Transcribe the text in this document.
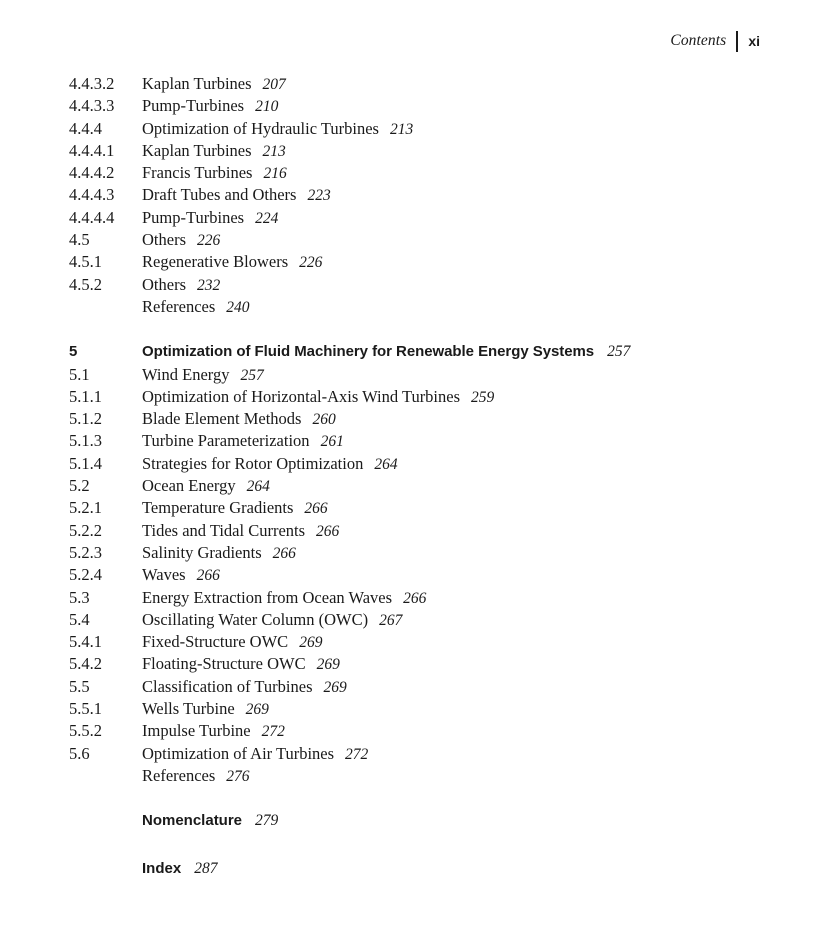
Contents xi
4.4.3.2	Kaplan Turbines 207
4.4.3.3	Pump-Turbines 210
4.4.4	Optimization of Hydraulic Turbines 213
4.4.4.1	Kaplan Turbines 213
4.4.4.2	Francis Turbines 216
4.4.4.3	Draft Tubes and Others 223
4.4.4.4	Pump-Turbines 224
4.5	Others 226
4.5.1	Regenerative Blowers 226
4.5.2	Others 232
References 240
5	Optimization of Fluid Machinery for Renewable Energy Systems 257
5.1	Wind Energy 257
5.1.1	Optimization of Horizontal-Axis Wind Turbines 259
5.1.2	Blade Element Methods 260
5.1.3	Turbine Parameterization 261
5.1.4	Strategies for Rotor Optimization 264
5.2	Ocean Energy 264
5.2.1	Temperature Gradients 266
5.2.2	Tides and Tidal Currents 266
5.2.3	Salinity Gradients 266
5.2.4	Waves 266
5.3	Energy Extraction from Ocean Waves 266
5.4	Oscillating Water Column (OWC) 267
5.4.1	Fixed-Structure OWC 269
5.4.2	Floating-Structure OWC 269
5.5	Classification of Turbines 269
5.5.1	Wells Turbine 269
5.5.2	Impulse Turbine 272
5.6	Optimization of Air Turbines 272
References 276
Nomenclature 279
Index 287
